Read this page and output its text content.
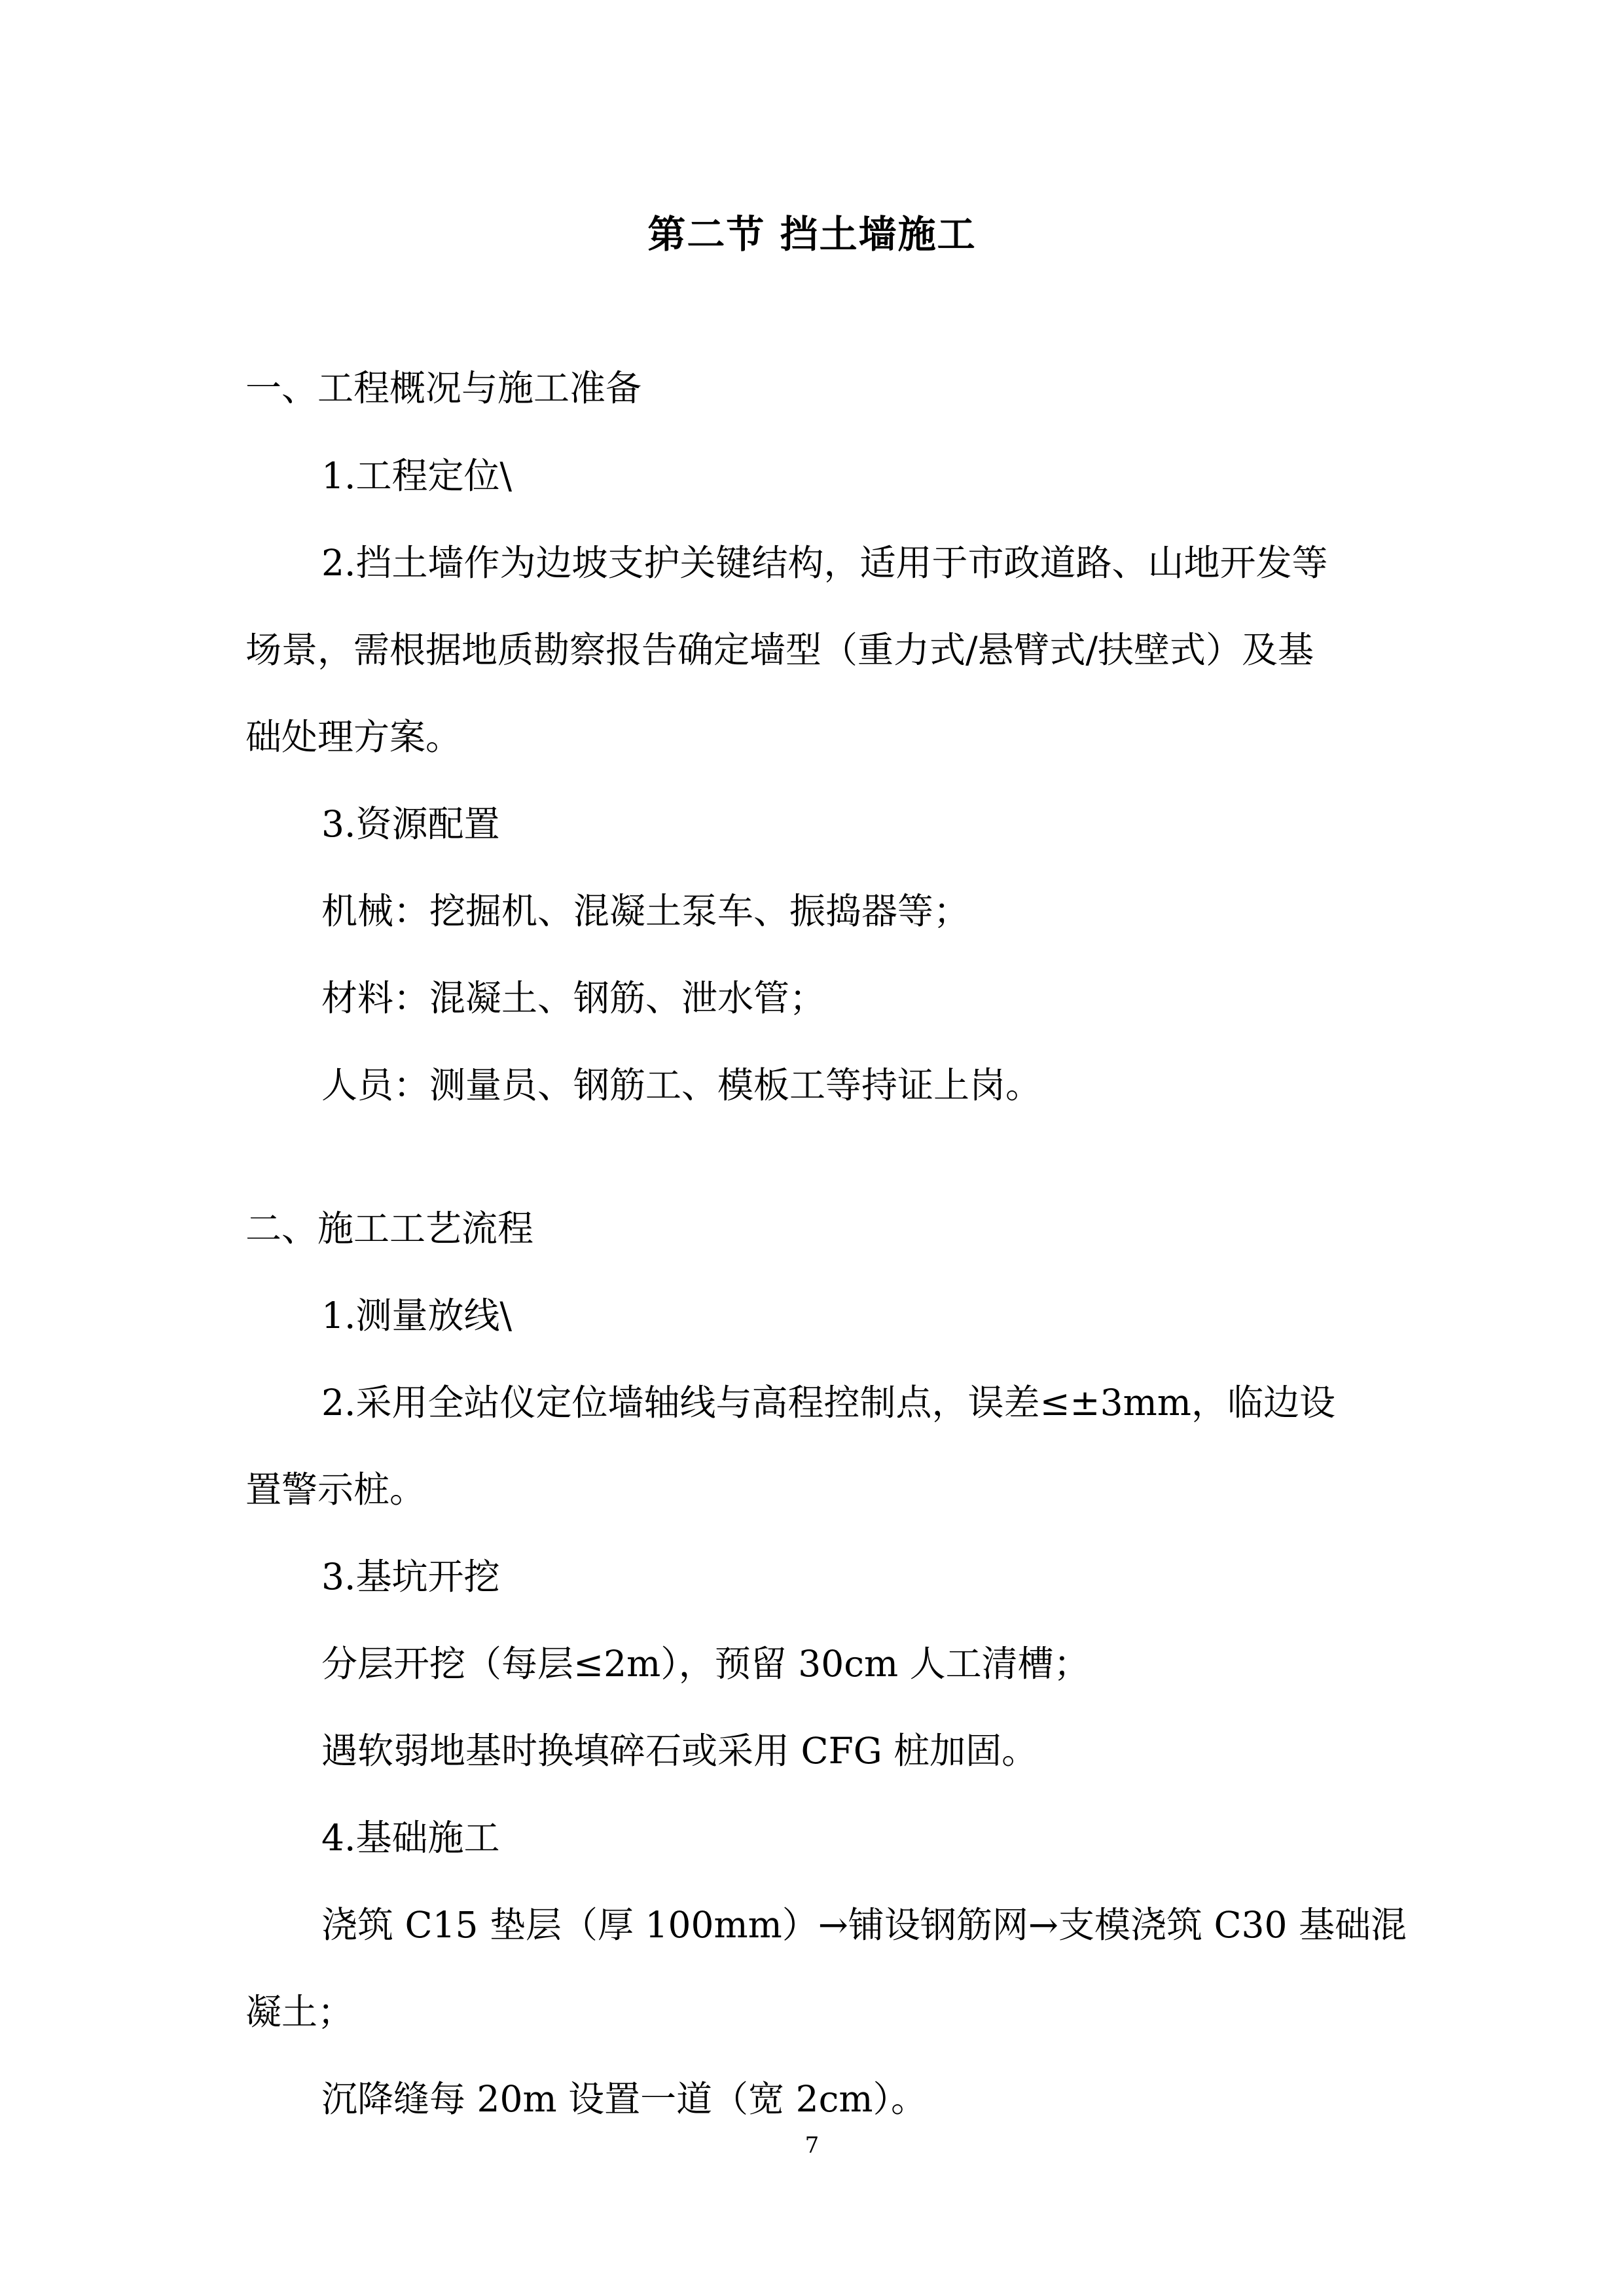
第二节 挡土墙施工
一、工程概况与施工准备
1.工程定位\
2.挡土墙作为边坡支护关键结构，适用于市政道路、山地开发等
场景，需根据地质勘察报告确定墙型（重力式/悬臂式/扶壁式）及基
础处理方案。
3.资源配置
机械：挖掘机、混凝土泵车、振捣器等；
材料：混凝土、钢筋、泄水管；
人员：测量员、钢筋工、模板工等持证上岗。
二、施工工艺流程
1.测量放线\
2.采用全站仪定位墙轴线与高程控制点，误差≤±3mm，临边设
置警示桩。
3.基坑开挖
分层开挖（每层≤2m），预留 30cm 人工清槽；
遇软弱地基时换填碎石或采用 CFG 桩加固。
4.基础施工
浇筑 C15 垫层（厚 100mm）→铺设钢筋网→支模浇筑 C30 基础混
凝土；
沉降缝每 20m 设置一道（宽 2cm）。
7
